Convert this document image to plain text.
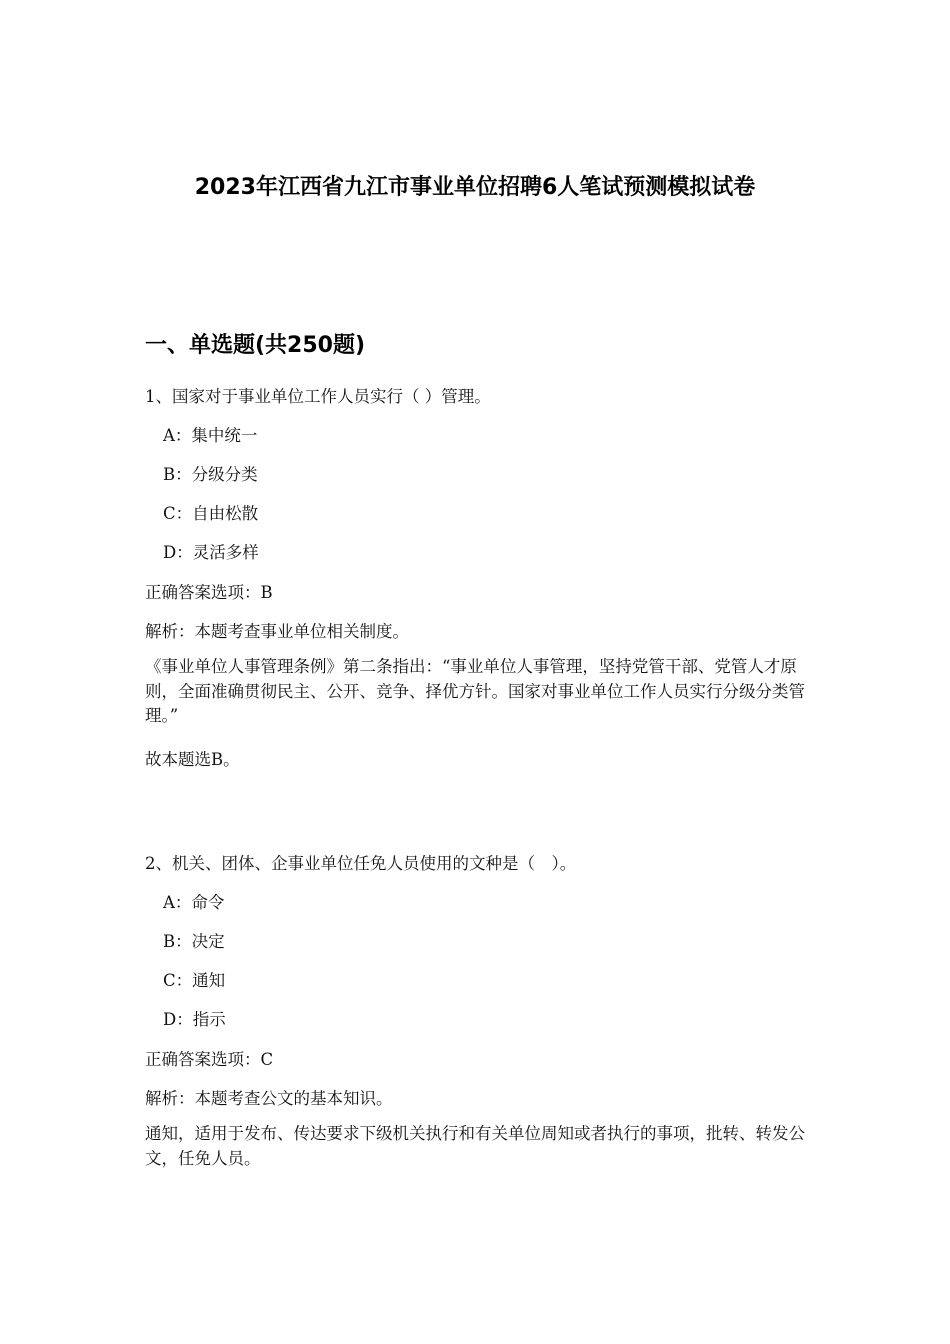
2023年江西省九江市事业单位招聘6人笔试预测模拟试卷
一、单选题(共250题)
1、国家对于事业单位工作人员实行（ ）管理。
A：集中统一
B：分级分类
C：自由松散
D：灵活多样
正确答案选项：B
解析：本题考查事业单位相关制度。
《事业单位人事管理条例》第二条指出：“事业单位人事管理，坚持党管干部、党管人才原则，全面准确贯彻民主、公开、竞争、择优方针。国家对事业单位工作人员实行分级分类管理。”
故本题选B。
2、机关、团体、企事业单位任免人员使用的文种是（　）。
A：命令
B：决定
C：通知
D：指示
正确答案选项：C
解析：本题考查公文的基本知识。
通知，适用于发布、传达要求下级机关执行和有关单位周知或者执行的事项，批转、转发公文，任免人员。
